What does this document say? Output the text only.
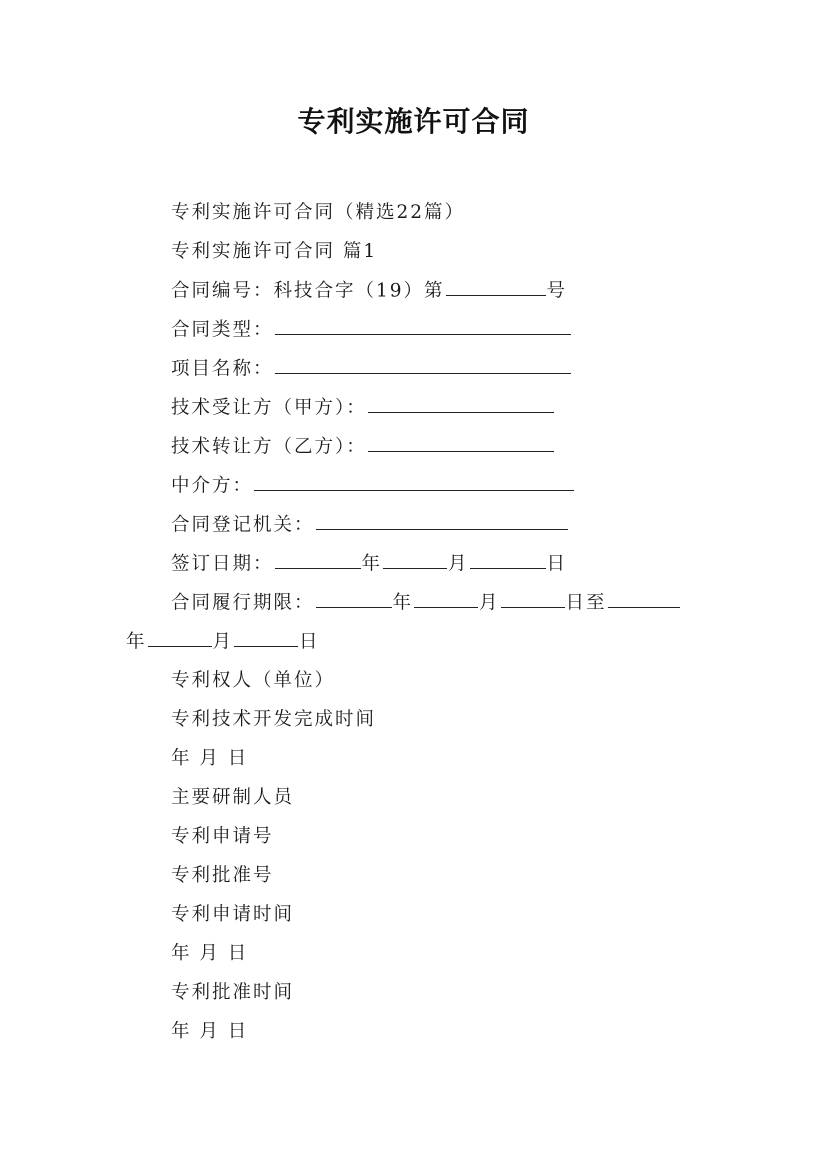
专利实施许可合同
专利实施许可合同（精选22篇）
专利实施许可合同 篇1
合同编号：科技合字（19）第	号
合同类型：
项目名称：
技术受让方（甲方）：
技术转让方（乙方）：
中介方：
合同登记机关：
签订日期：	年	月	日
合同履行期限：	年	月	日至
年	月	日
专利权人（单位）
专利技术开发完成时间
年 月 日
主要研制人员
专利申请号
专利批准号
专利申请时间
年 月 日
专利批准时间
年 月 日
